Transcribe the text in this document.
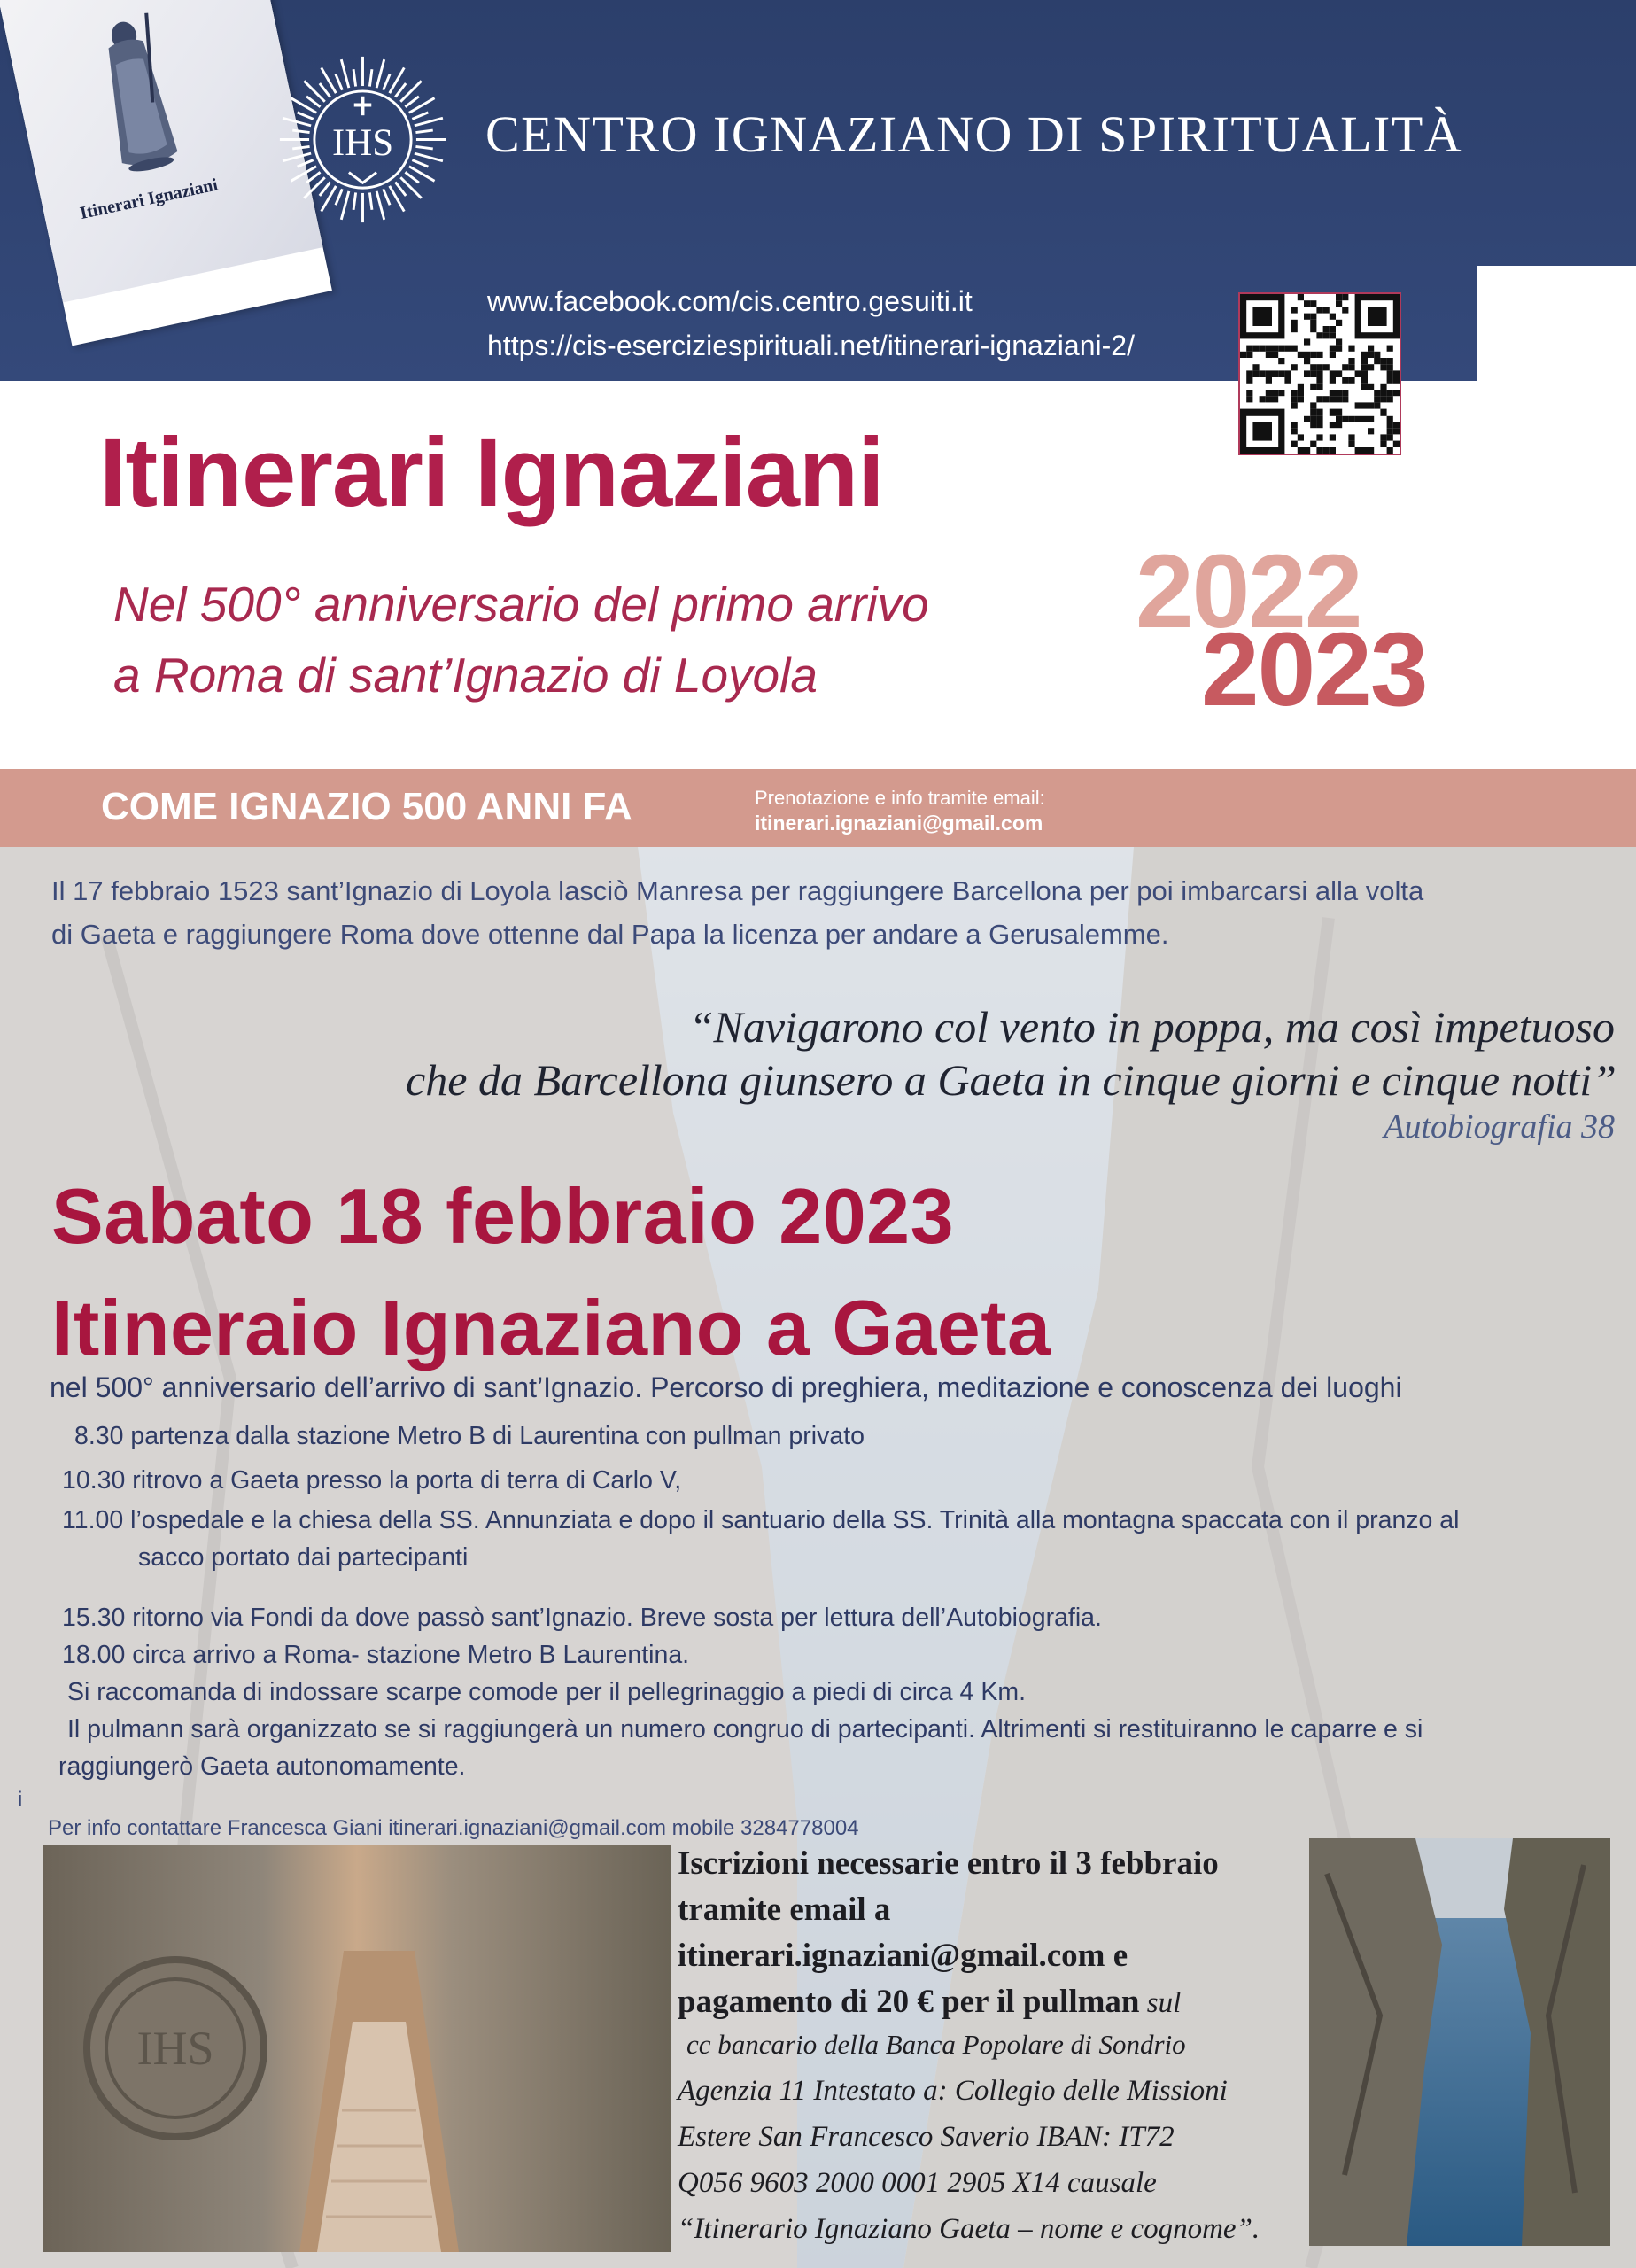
Itinerari Ignaziani
IHS CENTRO IGNAZIANO DI SPIRITUALITÀ
www.facebook.com/cis.centro.gesuiti.it
https://cis-eserciziespirituali.net/itinerari-ignaziani-2/
Itinerari Ignaziani
Nel 500° anniversario del primo arrivo
a Roma di sant’Ignazio di Loyola
2022
2023
COME IGNAZIO 500 ANNI FA	Prenotazione e info tramite email:
itinerari.ignaziani@gmail.com
Il 17 febbraio 1523 sant’Ignazio di Loyola lasciò Manresa per raggiungere Barcellona per poi imbarcarsi alla volta
di Gaeta e raggiungere Roma dove ottenne dal Papa la licenza per andare a Gerusalemme.
“Navigarono col vento in poppa, ma così impetuoso
che da Barcellona giunsero a Gaeta in cinque giorni e cinque notti”
Autobiografia 38
Sabato 18 febbraio 2023
Itineraio Ignaziano a Gaeta
nel 500° anniversario dell’arrivo di sant’Ignazio. Percorso di preghiera, meditazione e conoscenza dei luoghi
8.30 partenza dalla stazione Metro B di Laurentina con pullman privato
10.30 ritrovo a Gaeta presso la porta di terra di Carlo V,
11.00 l’ospedale e la chiesa della SS. Annunziata e dopo il santuario della SS. Trinità alla montagna spaccata con il pranzo al
sacco portato dai partecipanti
15.30 ritorno via Fondi da dove passò sant’Ignazio. Breve sosta per lettura dell’Autobiografia.
18.00 circa arrivo a Roma- stazione Metro B Laurentina.
Si raccomanda di indossare scarpe comode per il pellegrinaggio a piedi di circa 4 Km.
Il pulmann sarà organizzato se si raggiungerà un numero congruo di partecipanti. Altrimenti si restituiranno le caparre e si
raggiungerò Gaeta autonomamente.
i
Per info contattare Francesca Giani itinerari.ignaziani@gmail.com mobile 3284778004
IHS
Iscrizioni necessarie entro il 3 febbraio
tramite email a
itinerari.ignaziani@gmail.com e
pagamento di 20 € per il pullman sul
cc bancario della Banca Popolare di Sondrio
Agenzia 11 Intestato a: Collegio delle Missioni
Estere San Francesco Saverio IBAN: IT72
Q056 9603 2000 0001 2905 X14 causale
“Itinerario Ignaziano Gaeta – nome e cognome”.
